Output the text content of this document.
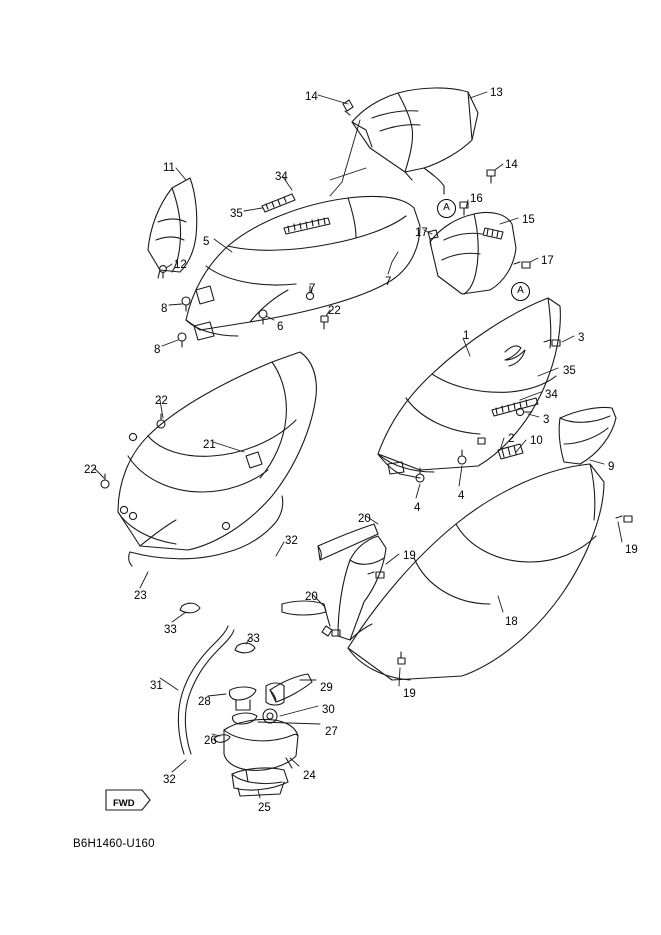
FWD
B6H1460-U160
14	13
14
11
34
16
35	15
17
5
12	17
7
7
8	22
6
3
8
1
35
34
22
3
21	2 10
22	9
4
4
20
19
19
32
23	20
18
33
33
29
31
28
30
27
26
19
32	24
25
A
A
